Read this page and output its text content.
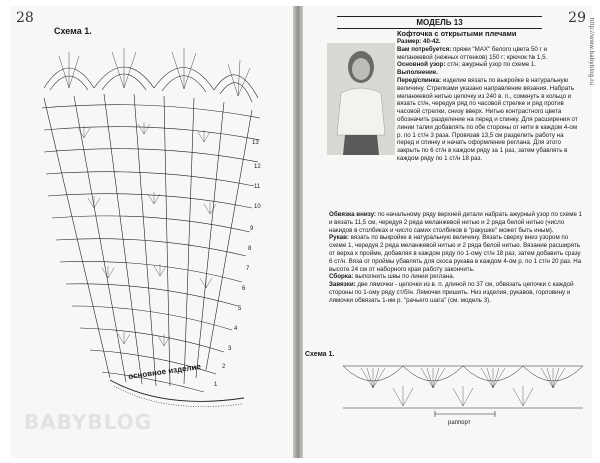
28
Схема 1.
13
12
11
10
9
8
7
6
5
4
3
2
1
основное изделие
BABYBLOG
29 http://www.babyblog.ru
МОДЕЛЬ 13

Кофточка с открытыми плечами

Размер: 40-42.

Вам потребуется: пряжи "МАХ" белого цвета 50 г и меланжевой (нежных оттенков) 150 г; крючок № 1,5.

Основной узор: ст/н; ажурный узор по схеме 1.

Выполнение.

Перед/спинка: изделие вязать по выкройке в натуральную величину. Стрелками указано направление вязания. Набрать меланжевой нитью цепочку из 240 в. п., сомкнуть в кольцо и вязать ст/н, чередуя ряд по часовой стрелке и ряд против часовой стрелки, снизу вверх. Нитью контрастного цвета обозначить разделение на перед и спинку. Для расширения от линии талии добавлять по обе стороны от нити в каждом 4-ом р. по 1 ст/н 3 раза. Провязав 13,5 см разделить работу на перед и спинку и начать оформление реглана. Для этого закрыть по 6 ст/н в каждом ряду за 1 раз, затем убавлять в каждом ряду по 1 ст/н 18 раз.

Обвязка внизу: по начальному ряду верхней детали набрать ажурный узор по схеме 1 и вязать 11,5 см, чередуя 2 ряда меланжевой нитью и 2 ряда белой нитью (число накидов в столбиках и число самих столбиков в "ракушке" может быть иным).

Рукав: вязать по выкройке в натуральную величину. Вязать сверху вниз узором по схеме 1, чередуя 2 ряда меланжевой нитью и 2 ряда белой нитью. Вязание расширять от верха к пройме, добавляя в каждом ряду по 1-ому ст/н 18 раз, затем добавить сразу 6 ст/н. Вяза от проймы убавлять для скоса рукава в каждом 4-ом р. по 1 ст/н 20 раз. На высоте 24 см от наборного края работу закончить.

Сборка: выполнить швы по линии реглана.

Завязки: две лямочки - цепочки из в. п. длиной по 37 см, обвязать цепочки с каждой стороны по 1-ому ряду ст/б/н. Лямочки пришить. Низ изделия, рукавов, горловину и лямочки обвязать 1-им р. "рачьего шага" (см. модель 3).

Схема 1.
раппорт
